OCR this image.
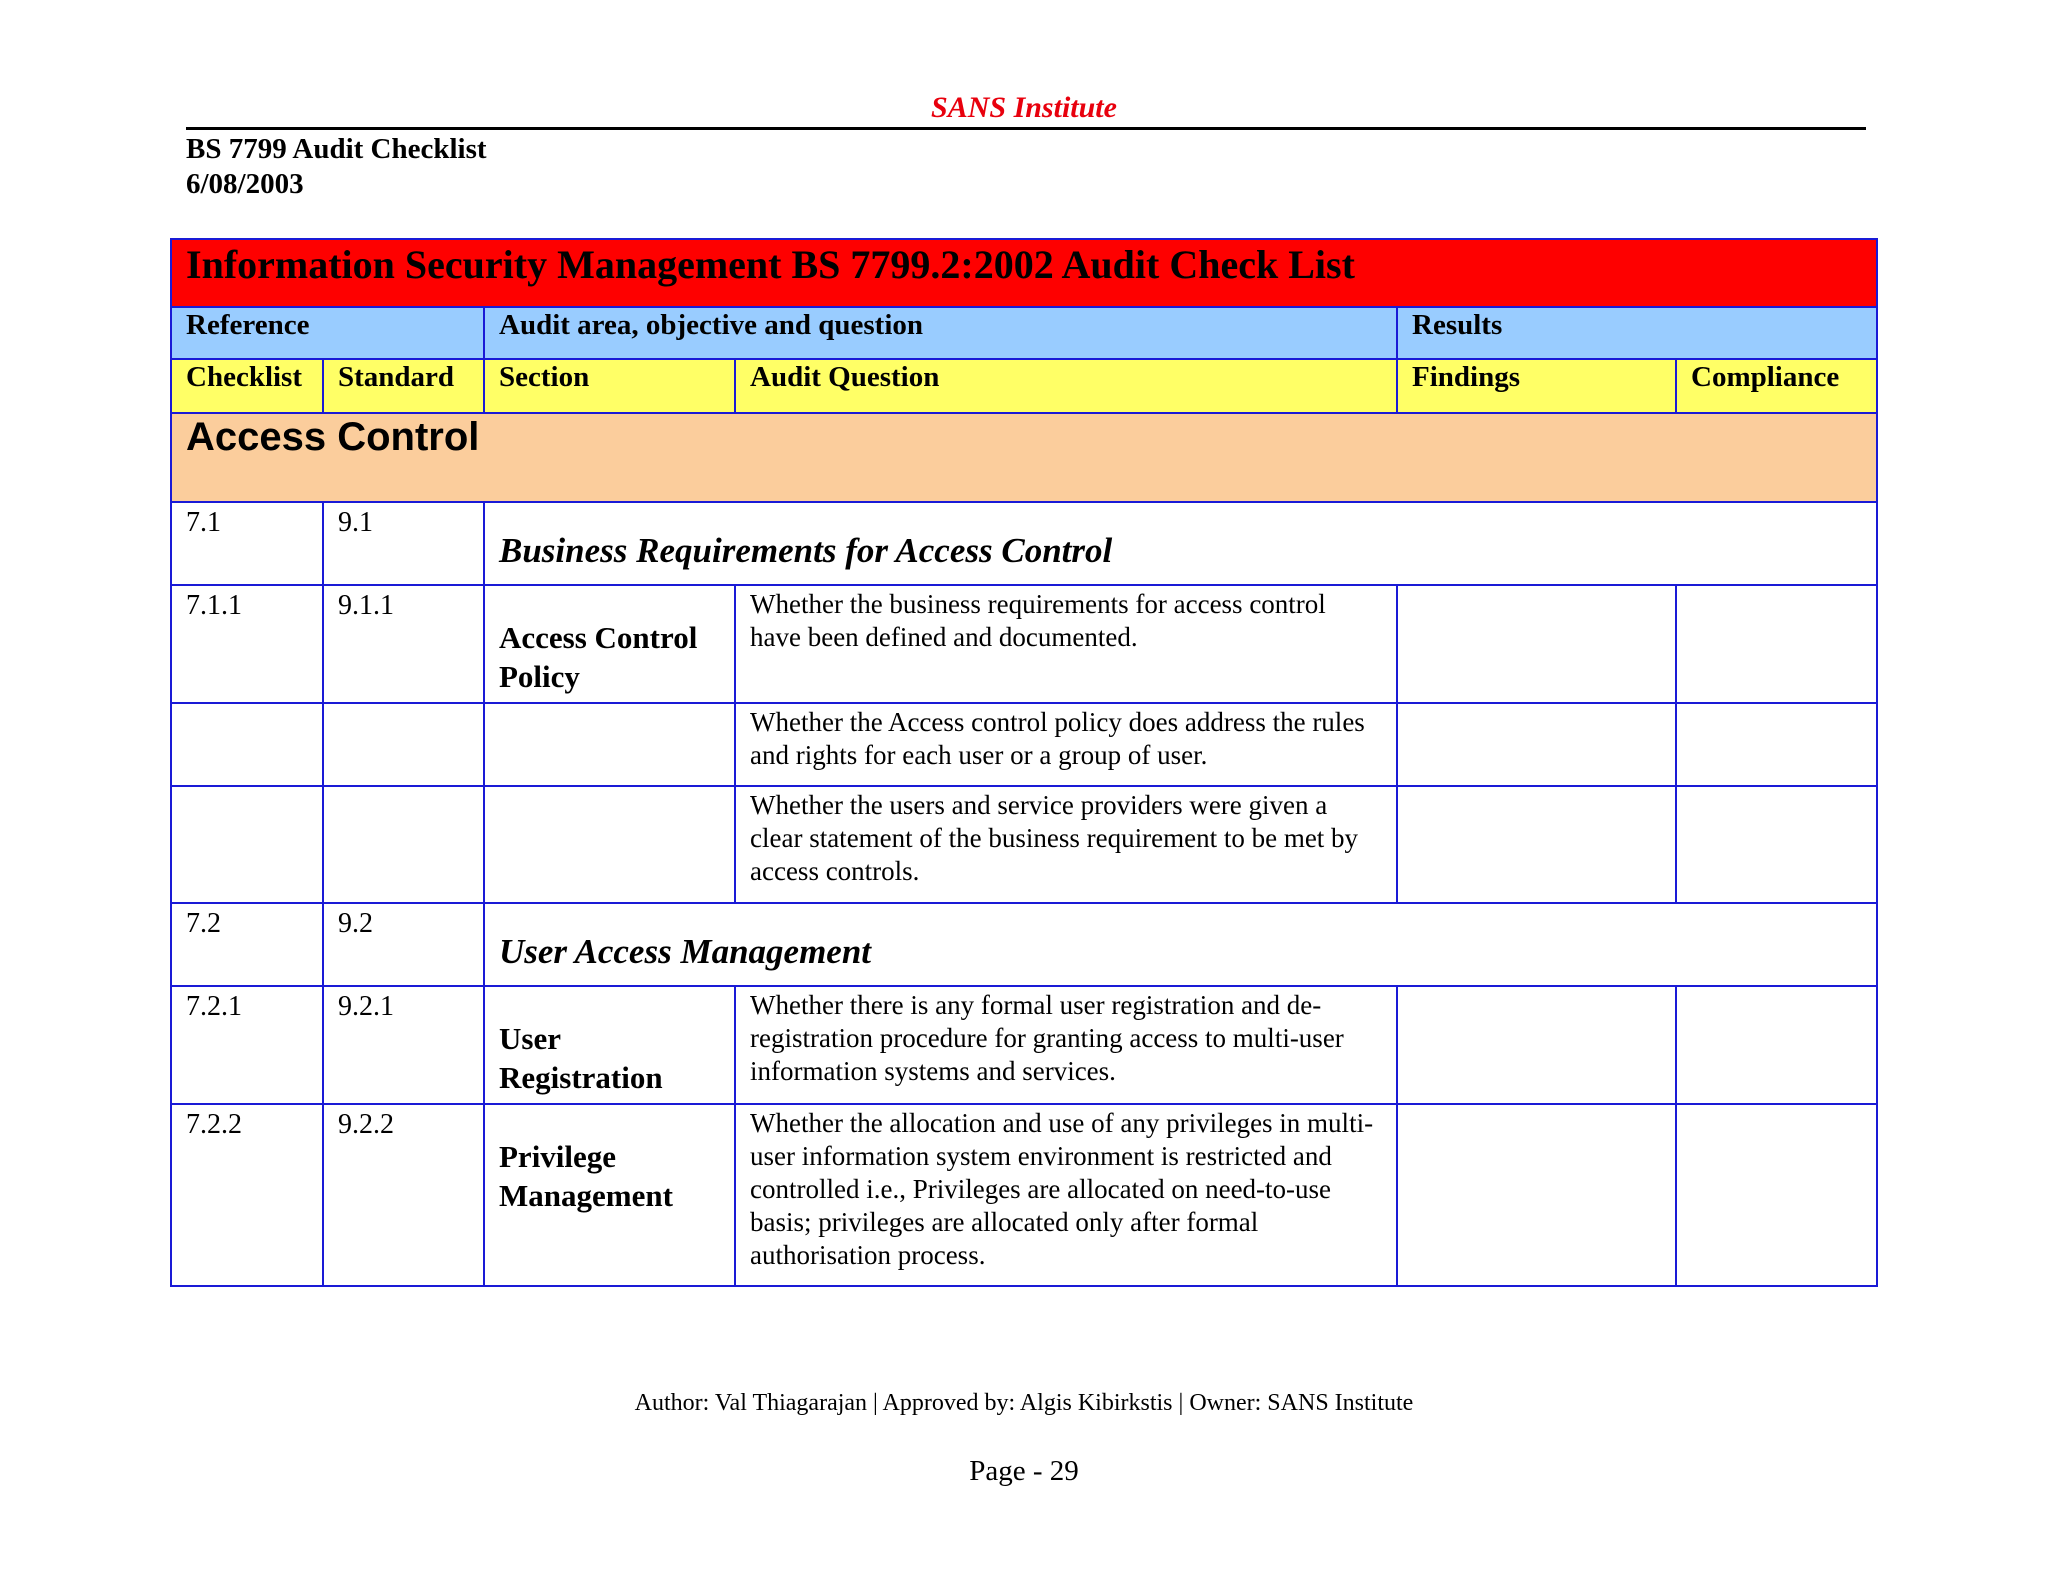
SANS Institute
BS 7799 Audit Checklist
6/08/2003
Information Security Management BS 7799.2:2002 Audit Check List					
Reference		Audit area, objective and question		Results	
Checklist	Standard	Section	Audit Question	Findings	Compliance
Access Control					
7.1	9.1	Business Requirements for Access Control			
7.1.1	9.1.1	Access Control Policy	Whether the business requirements for access control have been defined and documented.		
			Whether the Access control policy does address the rules and rights for each user or a group of user.		
			Whether the users and service providers were given a clear statement of the business requirement to be met by access controls.		
7.2	9.2	User Access Management			
7.2.1	9.2.1	User Registration	Whether there is any formal user registration and de-registration procedure for granting access to multi-user information systems and services.		
7.2.2	9.2.2	Privilege Management	Whether the allocation and use of any privileges in multi-user information system environment is restricted and controlled i.e., Privileges are allocated on need-to-use basis; privileges are allocated only after formal authorisation process.		
Author: Val Thiagarajan | Approved by: Algis Kibirkstis | Owner: SANS Institute
Page - 29
